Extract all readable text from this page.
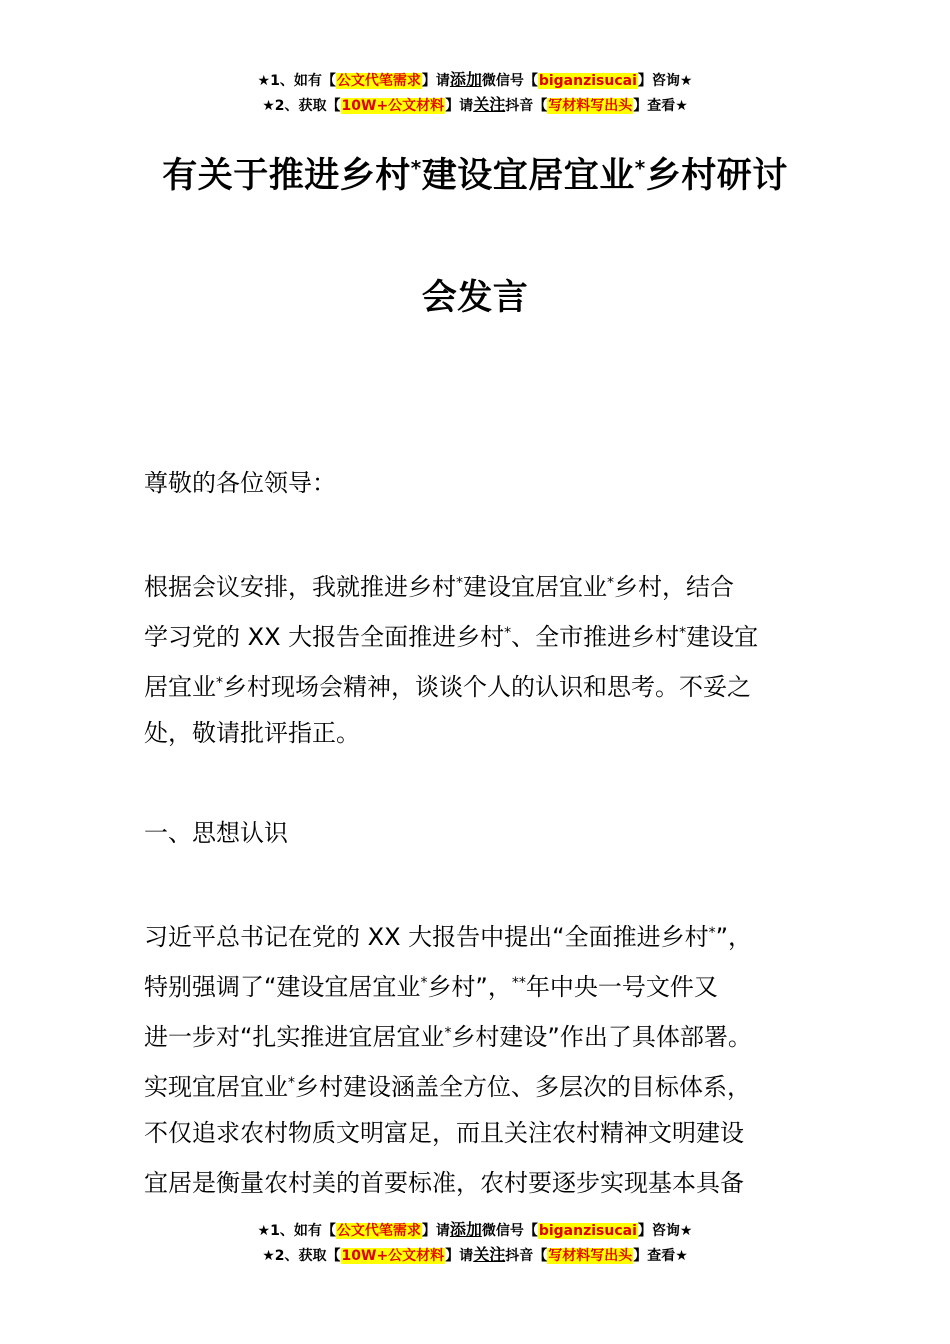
★1、如有【公文代笔需求】请添加微信号【biganzisucai】咨询★
★2、获取【10W+公文材料】请关注抖音【写材料写出头】查看★
有关于推进乡村*建设宜居宜业*乡村研讨
会发言
尊敬的各位领导：
根据会议安排，我就推进乡村*建设宜居宜业*乡村，结合
学习党的 XX 大报告全面推进乡村*、全市推进乡村*建设宜
居宜业*乡村现场会精神，谈谈个人的认识和思考。不妥之
处，敬请批评指正。
一、思想认识
习近平总书记在党的 XX 大报告中提出“全面推进乡村*”，
特别强调了“建设宜居宜业*乡村”，**年中央一号文件又
进一步对“扎实推进宜居宜业*乡村建设”作出了具体部署。
实现宜居宜业*乡村建设涵盖全方位、多层次的目标体系，
不仅追求农村物质文明富足，而且关注农村精神文明建设
宜居是衡量农村美的首要标准，农村要逐步实现基本具备
★1、如有【公文代笔需求】请添加微信号【biganzisucai】咨询★
★2、获取【10W+公文材料】请关注抖音【写材料写出头】查看★
